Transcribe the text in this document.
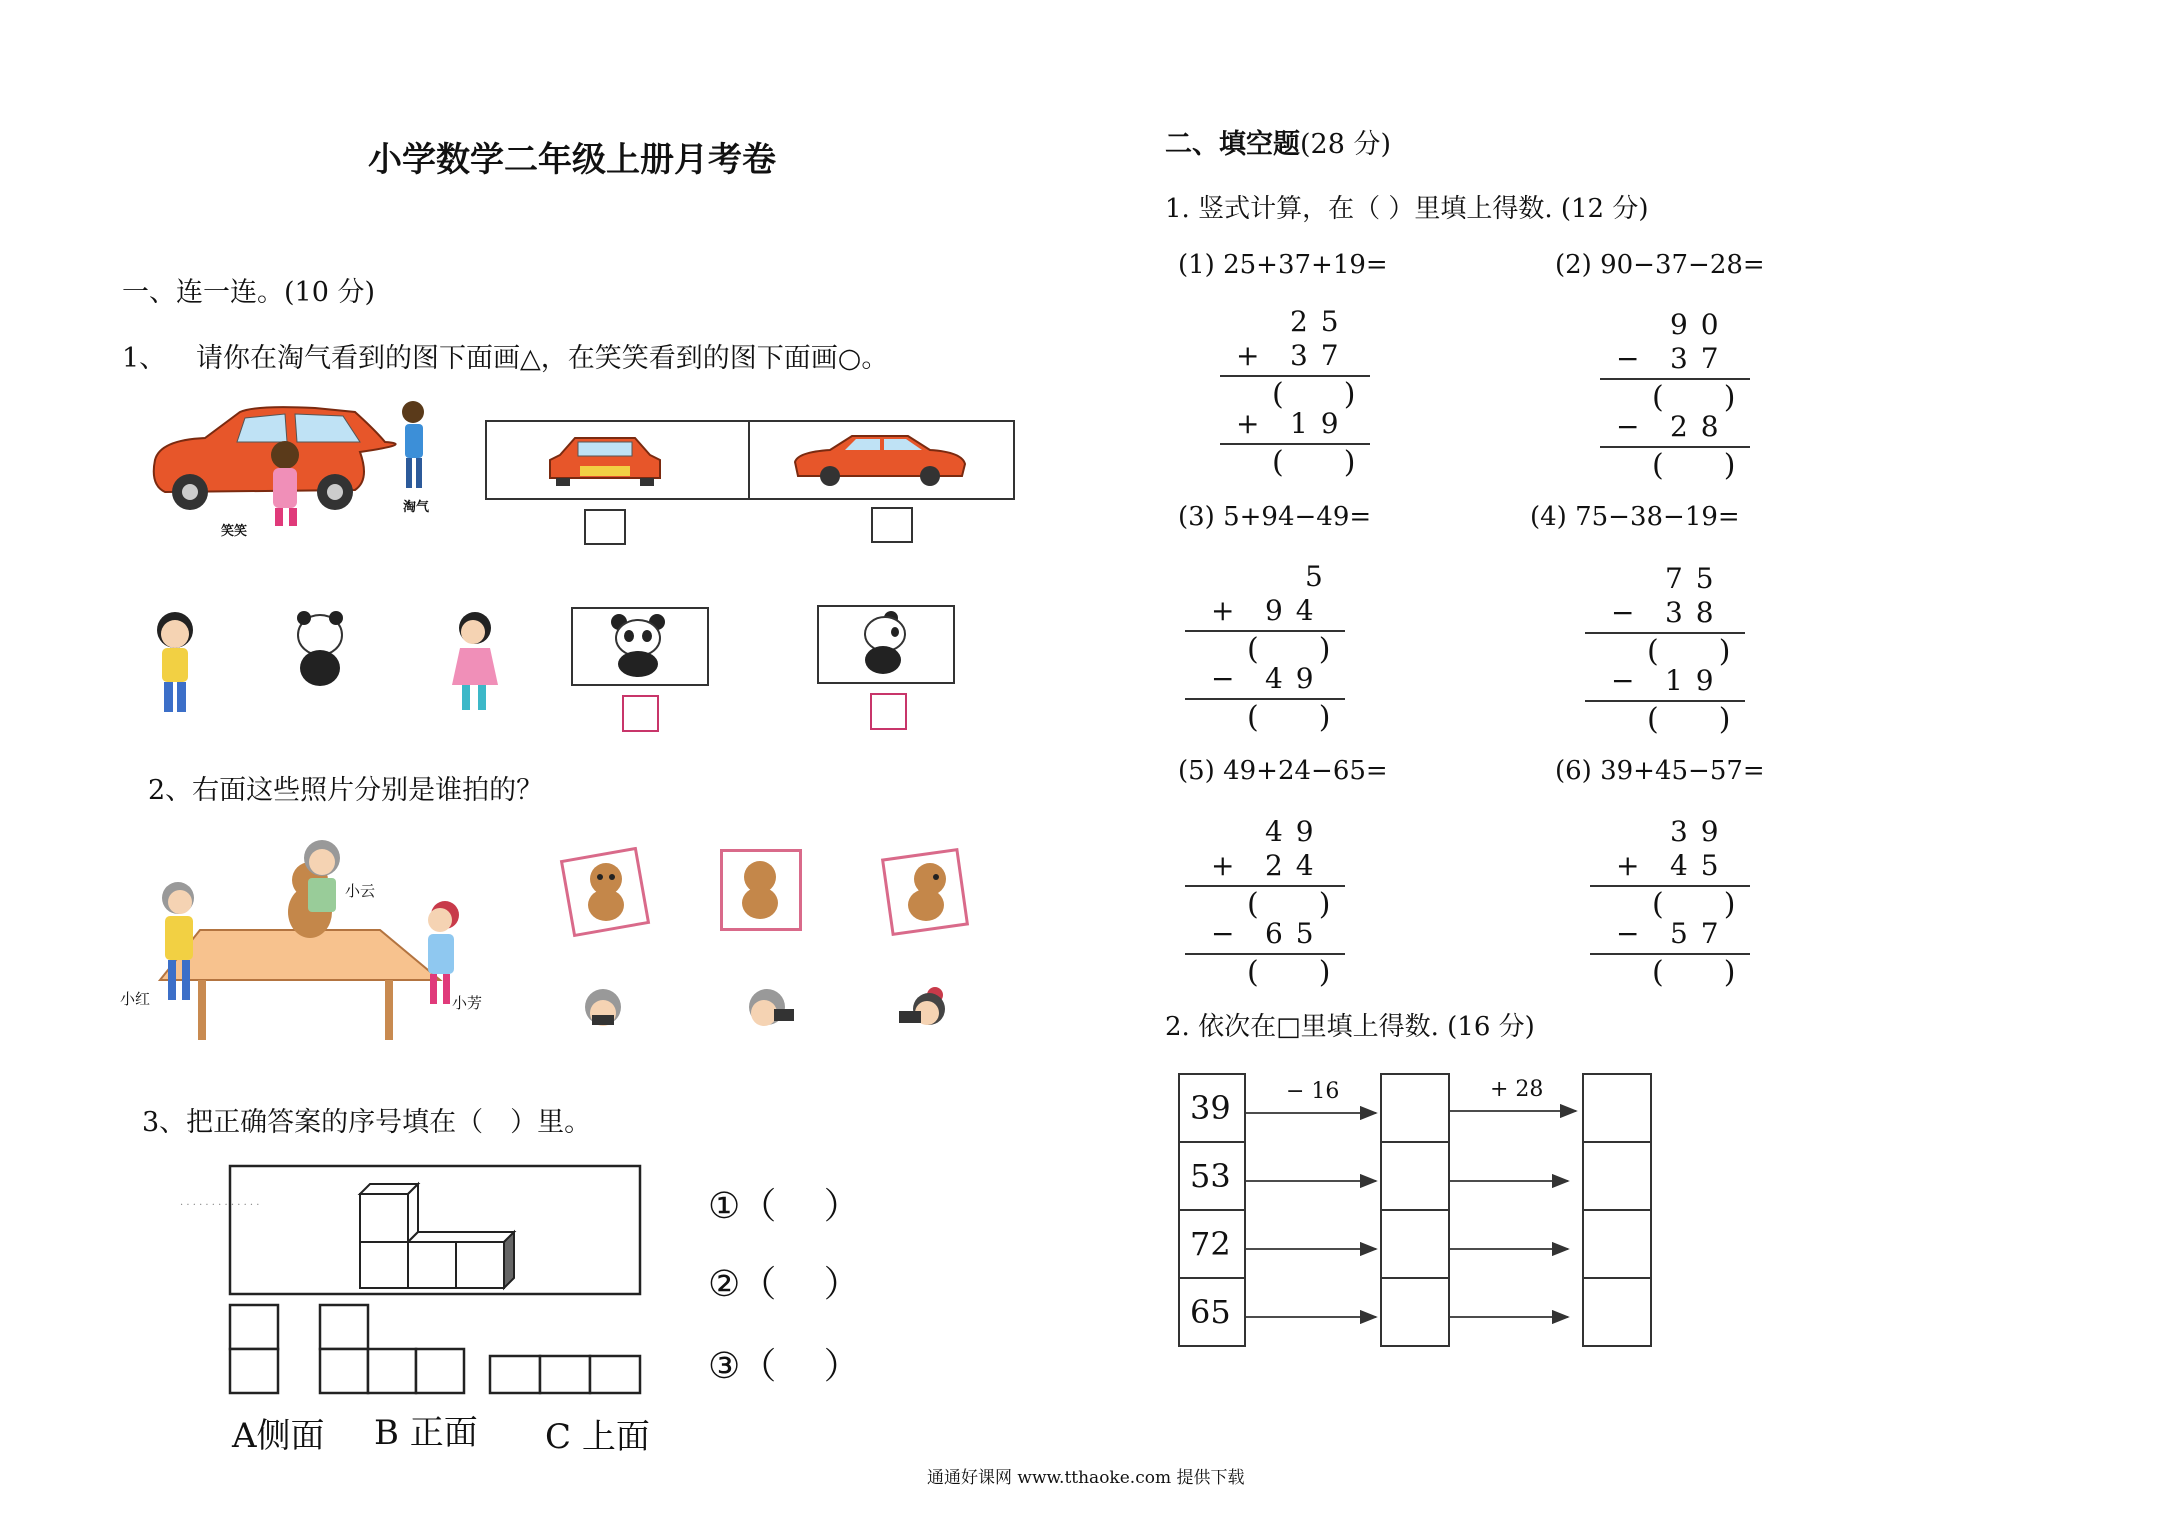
小学数学二年级上册月考卷
一、连一连。(10 分)
1、 请你在淘气看到的图下面画△，在笑笑看到的图下面画○。
笑笑
淘气
2、右面这些照片分别是谁拍的？
小云
小红	小芳
3、把正确答案的序号填在（　）里。
· · · · · · · · · · · · ·
A侧面 B 正面 C 上面
①（　 ）
②（　 ）
③（　 ）
二、填空题(28 分)
1. 竖式计算，在（ ）里填上得数. (12 分)
(1) 25+37+19=	(2) 90−37−28=
(3) 5+94−49=	(4) 75−38−19=
(5) 49+24−65=	(6) 39+45−57=
2 5
+ 3 7
(　　)
+ 1 9
(　　)
9 0
− 3 7
(　　)
− 2 8
(　　)
5
+ 9 4
(　　)
− 4 9
(　　)
7 5
− 3 8
(　　)
− 1 9
(　　)
4 9
+ 2 4
(　　)
− 6 5
(　　)
3 9
+ 4 5
(　　)
− 5 7
(　　)
2. 依次在□里填上得数. (16 分)
39
53
72
65
− 16	+ 28
通通好课网 www.tthaoke.com 提供下载
